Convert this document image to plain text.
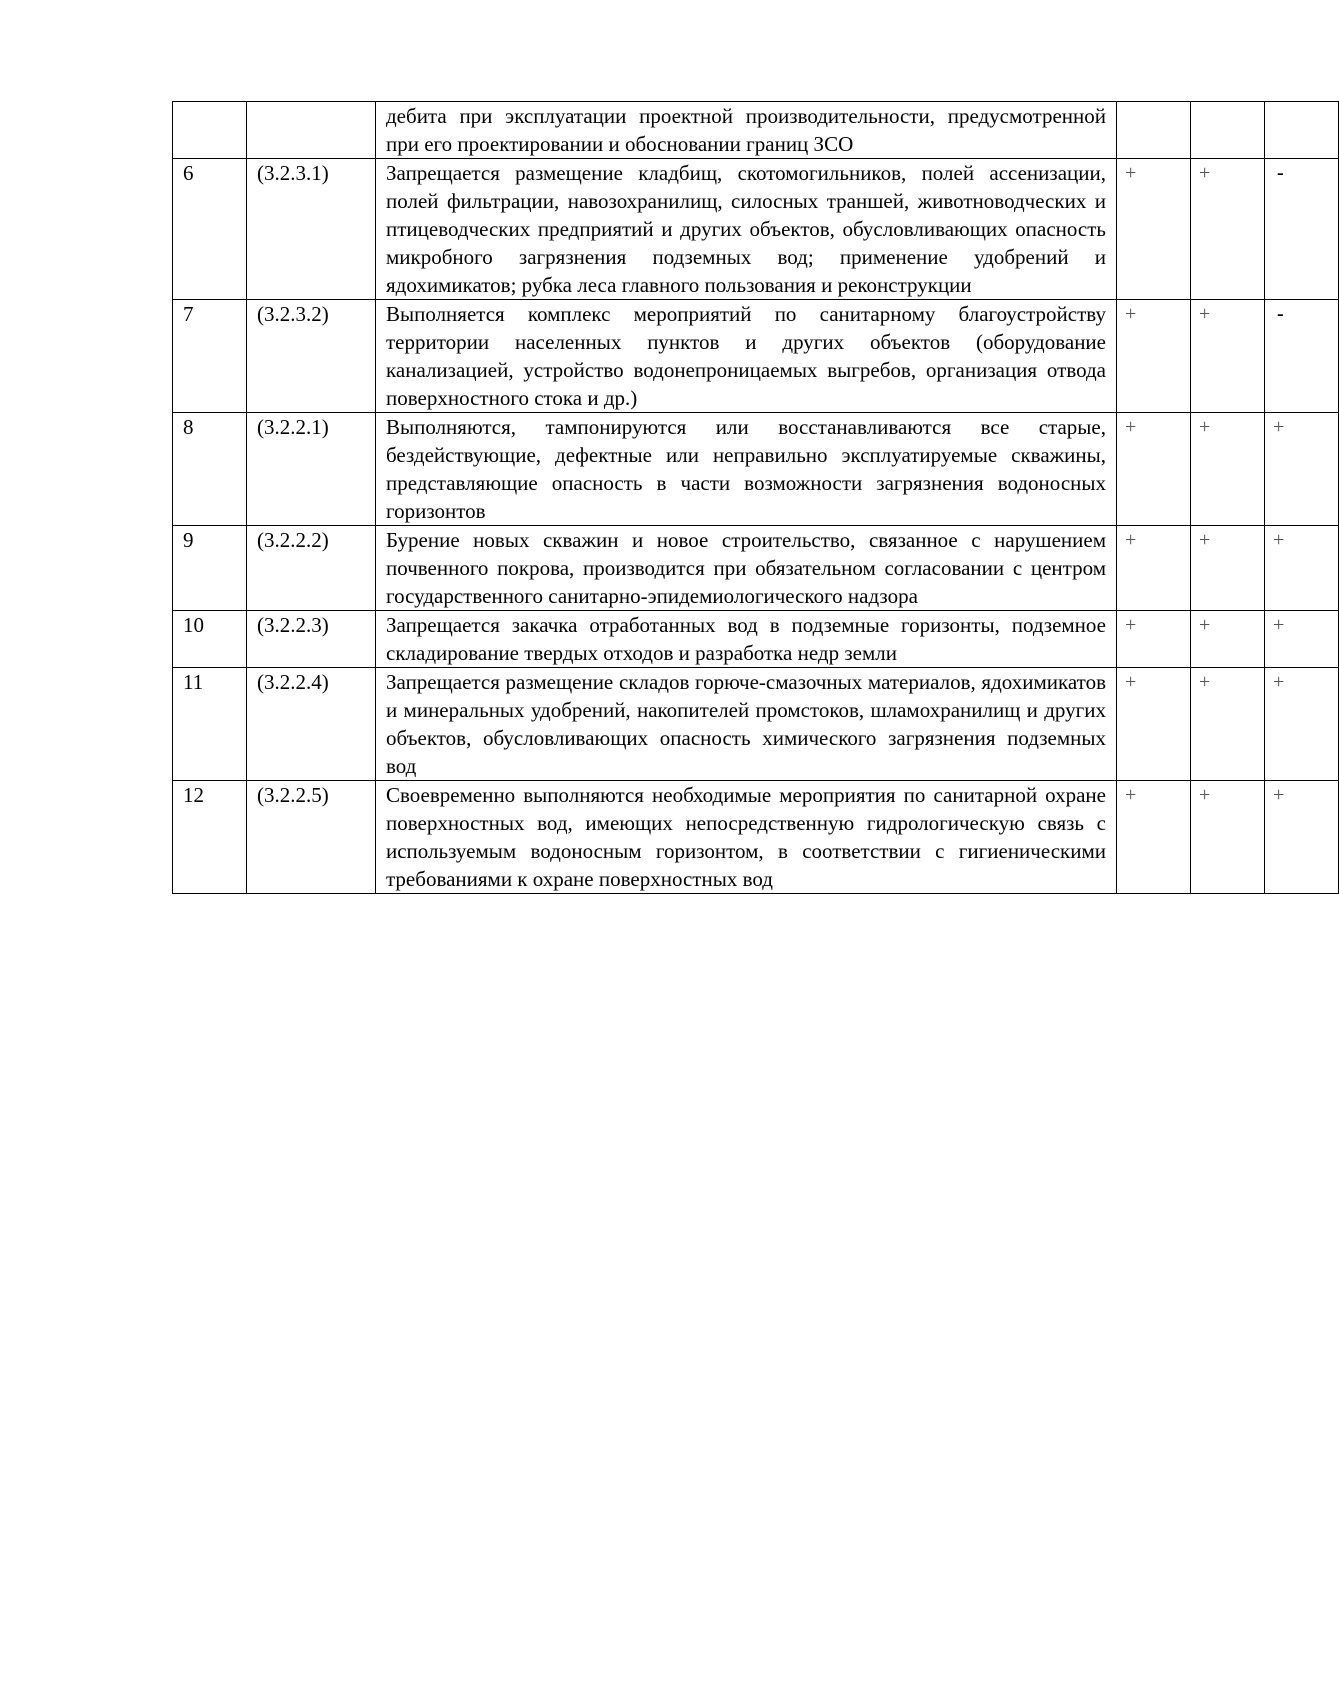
		дебита при эксплуатации проектной производительности, предусмотренной при его проектировании и обосновании границ ЗСО			
6	(3.2.3.1)	Запрещается размещение кладбищ, скотомогильников, полей ассенизации, полей фильтрации, навозохранилищ, силосных траншей, животноводческих и птицеводческих предприятий и других объектов, обусловливающих опасность микробного загрязнения подземных вод; применение удобрений и ядохимикатов; рубка леса главного пользования и реконструкции	+	+	-
7	(3.2.3.2)	Выполняется комплекс мероприятий по санитарному благоустройству территории населенных пунктов и других объектов (оборудование канализацией, устройство водонепроницаемых выгребов, организация отвода поверхностного стока и др.)	+	+	-
8	(3.2.2.1)	Выполняются, тампонируются или восстанавливаются все старые, бездействующие, дефектные или неправильно эксплуатируемые скважины, представляющие опасность в части возможности загрязнения водоносных горизонтов	+	+	+
9	(3.2.2.2)	Бурение новых скважин и новое строительство, связанное с нарушением почвенного покрова, производится при обязательном согласовании с центром государственного санитарно-эпидемиологического надзора	+	+	+
10	(3.2.2.3)	Запрещается закачка отработанных вод в подземные горизонты, подземное складирование твердых отходов и разработка недр земли	+	+	+
11	(3.2.2.4)	Запрещается размещение складов горюче-смазочных материалов, ядохимикатов и минеральных удобрений, накопителей промстоков, шламохранилищ и других объектов, обусловливающих опасность химического загрязнения подземных вод	+	+	+
12	(3.2.2.5)	Своевременно выполняются необходимые мероприятия по санитарной охране поверхностных вод, имеющих непосредственную гидрологическую связь с используемым водоносным горизонтом, в соответствии с гигиеническими требованиями к охране поверхностных вод	+	+	+
